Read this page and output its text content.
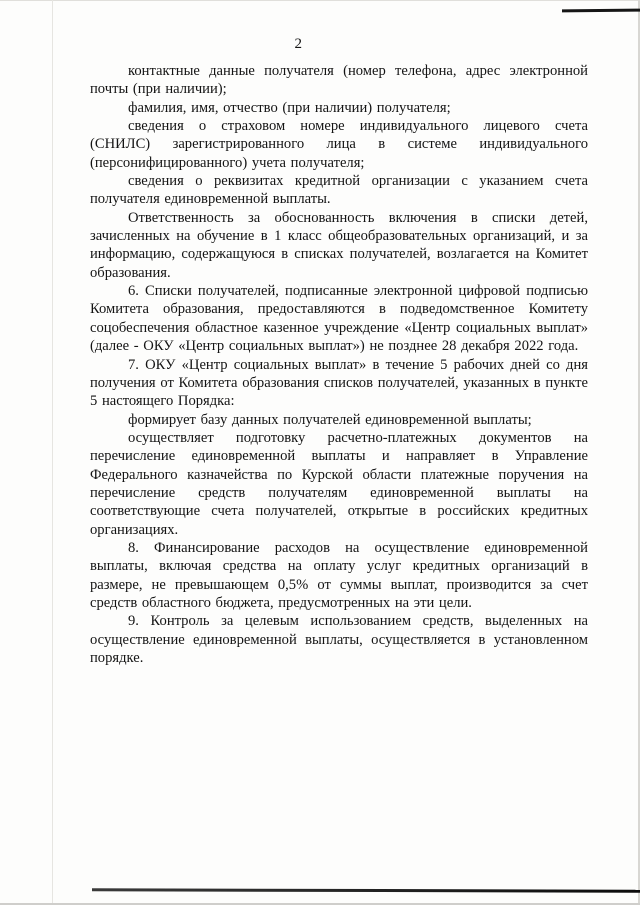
2

контактные данные получателя (номер телефона, адрес электронной почты (при наличии);

фамилия, имя, отчество (при наличии) получателя;

сведения о страховом номере индивидуального лицевого счета (СНИЛС) зарегистрированного лица в системе индивидуального (персонифицированного) учета получателя;

сведения о реквизитах кредитной организации с указанием счета получателя единовременной выплаты.

Ответственность за обоснованность включения в списки детей, зачисленных на обучение в 1 класс общеобразовательных организаций, и за информацию, содержащуюся в списках получателей, возлагается на Комитет образования.

6. Списки получателей, подписанные электронной цифровой подписью Комитета образования, предоставляются в подведомственное Комитету соцобеспечения областное казенное учреждение «Центр социальных выплат» (далее - ОКУ «Центр социальных выплат») не позднее 28 декабря 2022 года.

7. ОКУ «Центр социальных выплат» в течение 5 рабочих дней со дня получения от Комитета образования списков получателей, указанных в пункте 5 настоящего Порядка:

формирует базу данных получателей единовременной выплаты;

осуществляет подготовку расчетно-платежных документов на перечисление единовременной выплаты и направляет в Управление Федерального казначейства по Курской области платежные поручения на перечисление средств получателям единовременной выплаты на соответствующие счета получателей, открытые в российских кредитных организациях.

8. Финансирование расходов на осуществление единовременной выплаты, включая средства на оплату услуг кредитных организаций в размере, не превышающем 0,5% от суммы выплат, производится за счет средств областного бюджета, предусмотренных на эти цели.

9. Контроль за целевым использованием средств, выделенных на осуществление единовременной выплаты, осуществляется в установленном порядке.
